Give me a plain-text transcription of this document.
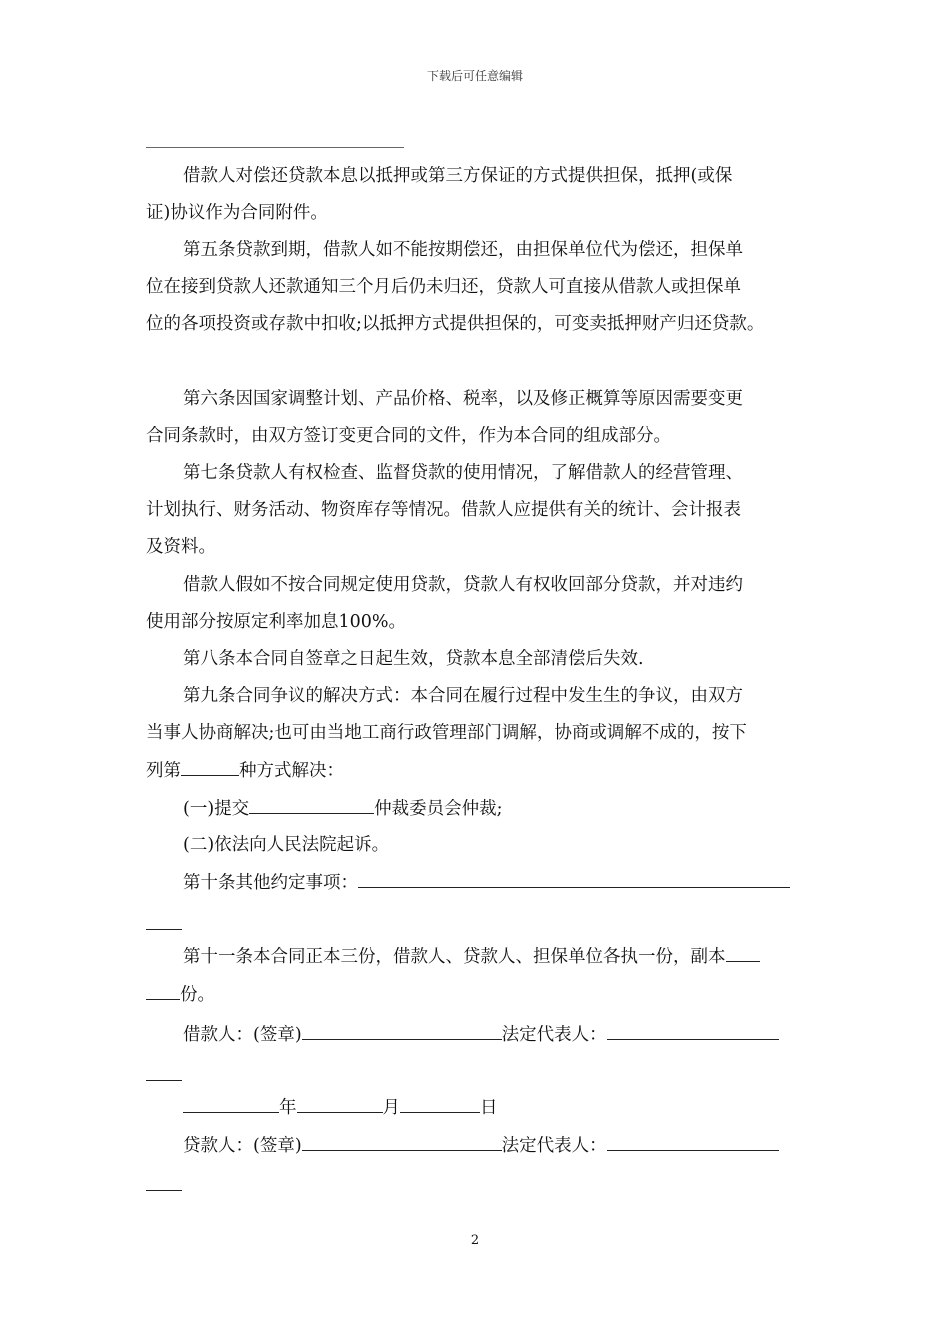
下载后可任意编辑
借款人对偿还贷款本息以抵押或第三方保证的方式提供担保，抵押(或保
证)协议作为合同附件。
第五条贷款到期，借款人如不能按期偿还，由担保单位代为偿还，担保单
位在接到贷款人还款通知三个月后仍未归还，贷款人可直接从借款人或担保单
位的各项投资或存款中扣收;以抵押方式提供担保的，可变卖抵押财产归还贷款。
第六条因国家调整计划、产品价格、税率，以及修正概算等原因需要变更
合同条款时，由双方签订变更合同的文件，作为本合同的组成部分。
第七条贷款人有权检查、监督贷款的使用情况，了解借款人的经营管理、
计划执行、财务活动、物资库存等情况。借款人应提供有关的统计、会计报表
及资料。
借款人假如不按合同规定使用贷款，贷款人有权收回部分贷款，并对违约
使用部分按原定利率加息100%。
第八条本合同自签章之日起生效，贷款本息全部清偿后失效.
第九条合同争议的解决方式：本合同在履行过程中发生生的争议，由双方
当事人协商解决;也可由当地工商行政管理部门调解，协商或调解不成的，按下
列第	种方式解决：
(一)提交	仲裁委员会仲裁;
(二)依法向人民法院起诉。
第十条其他约定事项：
第十一条本合同正本三份，借款人、贷款人、担保单位各执一份，副本
份。
借款人：(签章)	法定代表人：
年	月	日
贷款人：(签章)	法定代表人：
2
